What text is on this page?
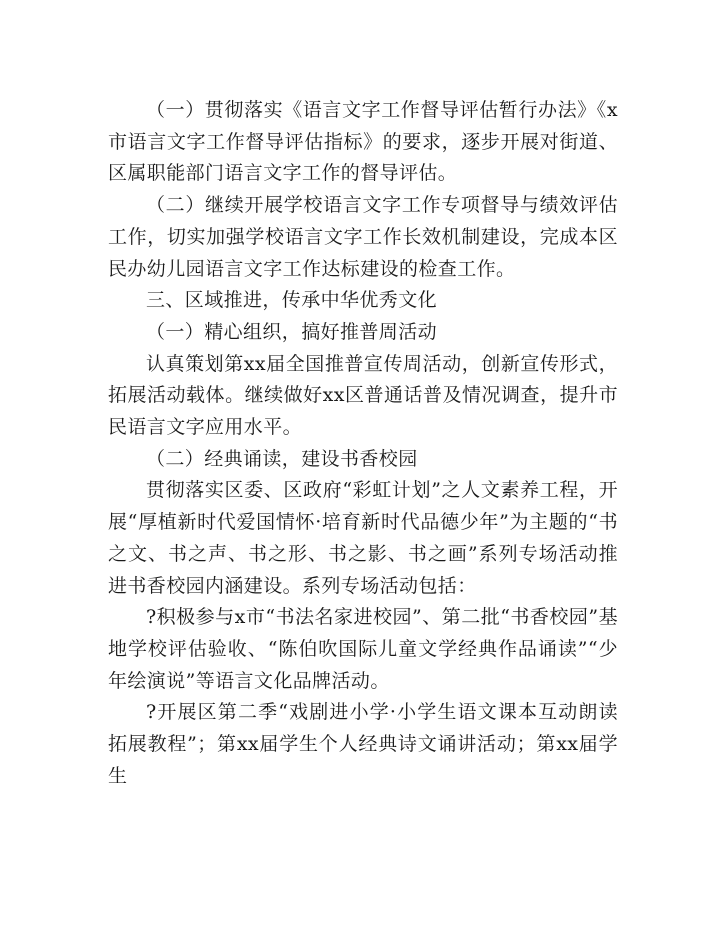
（一）贯彻落实《语言文字工作督导评估暂行办法》《x市语言文字工作督导评估指标》的要求，逐步开展对街道、区属职能部门语言文字工作的督导评估。

（二）继续开展学校语言文字工作专项督导与绩效评估工作，切实加强学校语言文字工作长效机制建设，完成本区民办幼儿园语言文字工作达标建设的检查工作。

三、区域推进，传承中华优秀文化

（一）精心组织，搞好推普周活动

认真策划第xx届全国推普宣传周活动，创新宣传形式，拓展活动载体。继续做好xx区普通话普及情况调查，提升市民语言文字应用水平。

（二）经典诵读，建设书香校园

贯彻落实区委、区政府“彩虹计划”之人文素养工程，开展“厚植新时代爱国情怀·培育新时代品德少年”为主题的“书之文、书之声、书之形、书之影、书之画”系列专场活动推进书香校园内涵建设。系列专场活动包括：

?积极参与x市“书法名家进校园”、第二批“书香校园”基地学校评估验收、“陈伯吹国际儿童文学经典作品诵读”“少年绘演说”等语言文化品牌活动。

?开展区第二季“戏剧进小学·小学生语文课本互动朗读拓展教程”；第xx届学生个人经典诗文诵讲活动；第xx届学生
